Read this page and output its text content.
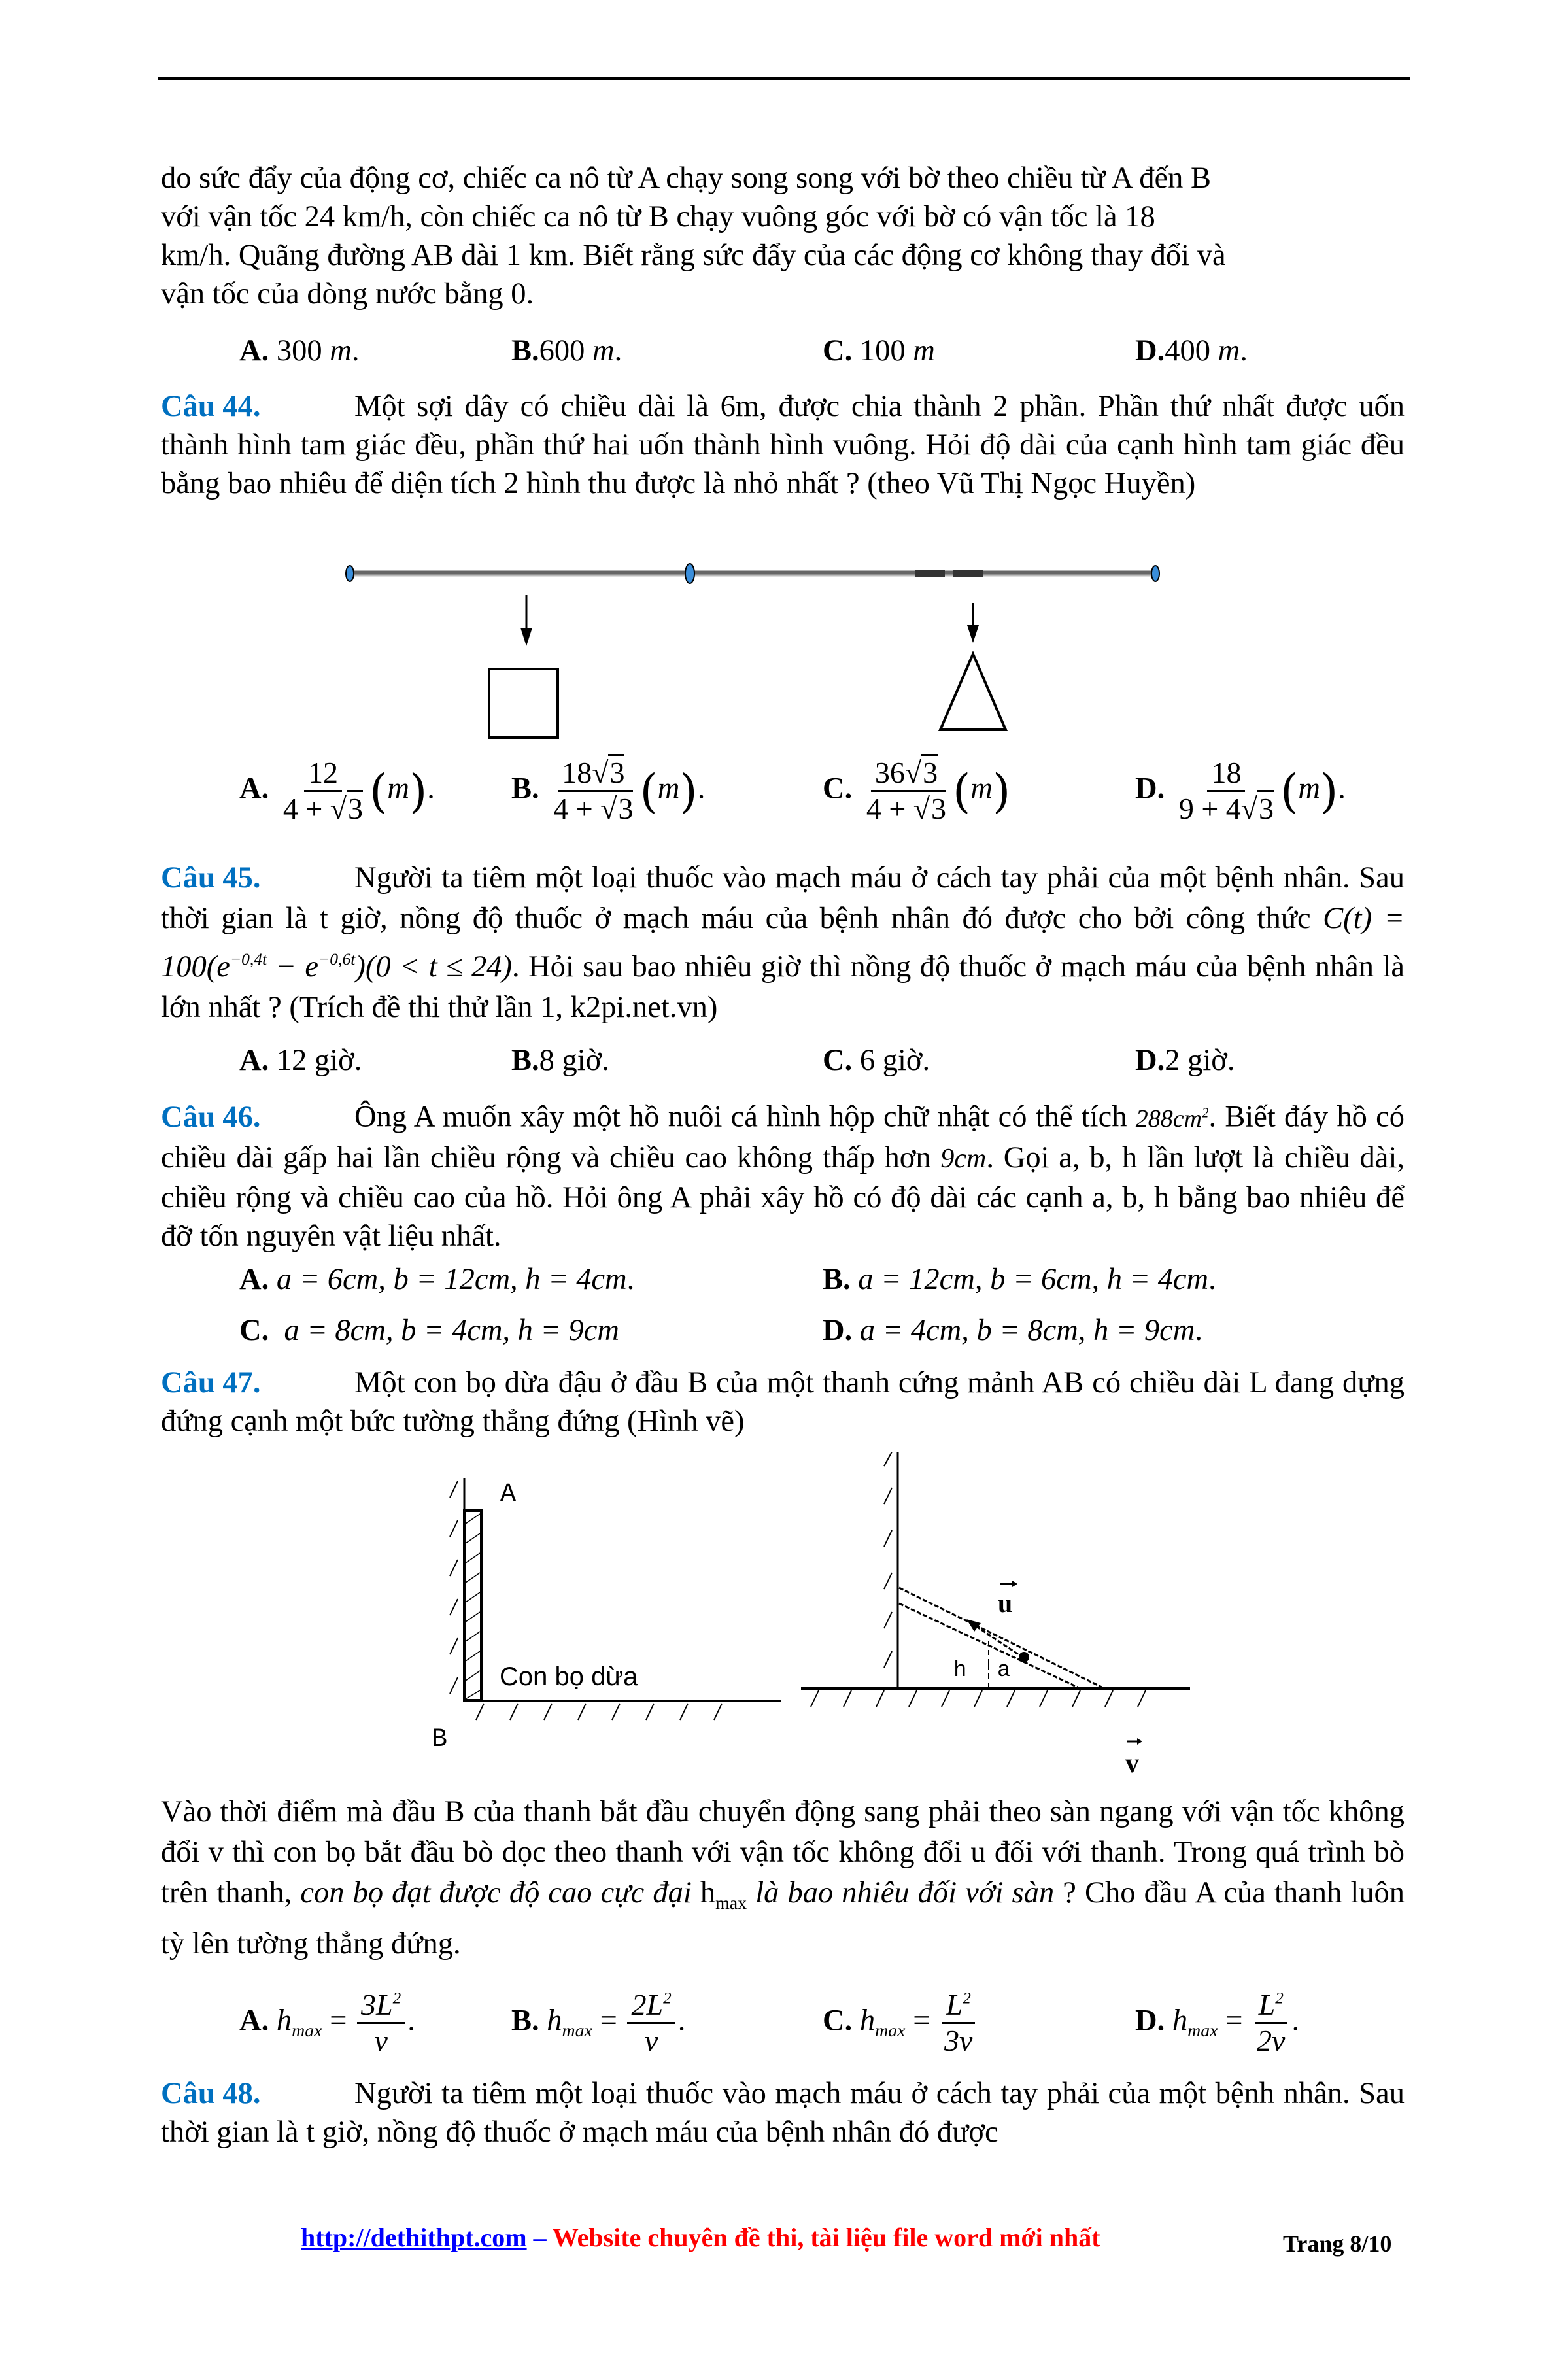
do sức đẩy của động cơ, chiếc ca nô từ A chạy song song với bờ theo chiều từ A đến B
với vận tốc 24 km/h, còn chiếc ca nô từ B chạy vuông góc với bờ có vận tốc là 18
km/h. Quãng đường AB dài 1 km. Biết rằng sức đẩy của các động cơ không thay đổi và
vận tốc của dòng nước bằng 0.
A. 300 m.	B.600 m.	C. 100 m	D.400 m.

Câu 44.	Một sợi dây có chiều dài là 6m, được chia thành 2 phần. Phần thứ nhất được uốn thành hình tam giác đều, phần thứ hai uốn thành hình vuông. Hỏi độ dài của cạnh hình tam giác đều bằng bao nhiêu để diện tích 2 hình thu được là nhỏ nhất ? (theo Vũ Thị Ngọc Huyền)

A. $\frac{12}{4 + √3} (m)$.	B. $\frac{18√3}{4 + √3} (m)$.	C. $\frac{36√3}{4 + √3} (m)$	D. $\frac{18}{9 + 4√3} (m)$.

Câu 45.	Người ta tiêm một loại thuốc vào mạch máu ở cách tay phải của một bệnh nhân. Sau thời gian là t giờ, nồng độ thuốc ở mạch máu của bệnh nhân đó được cho bởi công thức $C(t) = 100(e^{-0,4t} - e^{-0,6t})(0 < t \le 24)$. Hỏi sau bao nhiêu giờ thì nồng độ thuốc ở mạch máu của bệnh nhân là lớn nhất ? (Trích đề thi thử lần 1, k2pi.net.vn)

A. 12 giờ.	B.8 giờ.	C. 6 giờ.	D.2 giờ.

Câu 46.	Ông A muốn xây một hồ nuôi cá hình hộp chữ nhật có thể tích $288cm^2$. Biết đáy hồ có chiều dài gấp hai lần chiều rộng và chiều cao không thấp hơn 9cm. Gọi a, b, h lần lượt là chiều dài, chiều rộng và chiều cao của hồ. Hỏi ông A phải xây hồ có độ dài các cạnh a, b, h bằng bao nhiêu để đỡ tốn nguyên vật liệu nhất.

A. a = 6cm, b = 12cm, h = 4cm.	B. a = 12cm, b = 6cm, h = 4cm.
C. a = 8cm, b = 4cm, h = 9cm	D. a = 4cm, b = 8cm, h = 9cm.

Câu 47.	Một con bọ dừa đậu ở đầu B của một thanh cứng mảnh AB có chiều dài L đang dựng đứng cạnh một bức tường thẳng đứng (Hình vẽ)

A
B
Con bọ dừa	h a
u
v

Vào thời điểm mà đầu B của thanh bắt đầu chuyển động sang phải theo sàn ngang với vận tốc không đổi v thì con bọ bắt đầu bò dọc theo thanh với vận tốc không đổi u đối với thanh. Trong quá trình bò trên thanh, con bọ đạt được độ cao cực đại $h_{max}$ là bao nhiêu đối với sàn ? Cho đầu A của thanh luôn tỳ lên tường thẳng đứng.

A. $h_{max} = \frac{3L^2}{v}$ .	B. $h_{max} = \frac{2L^2}{v}$ .	C. $h_{max} = \frac{L^2}{3v}$	D. $h_{max} = \frac{L^2}{2v}$ .

Câu 48.	Người ta tiêm một loại thuốc vào mạch máu ở cách tay phải của một bệnh nhân. Sau thời gian là t giờ, nồng độ thuốc ở mạch máu của bệnh nhân đó được

http://dethithpt.com – Website chuyên đề thi, tài liệu file word mới nhất	Trang 8/10
